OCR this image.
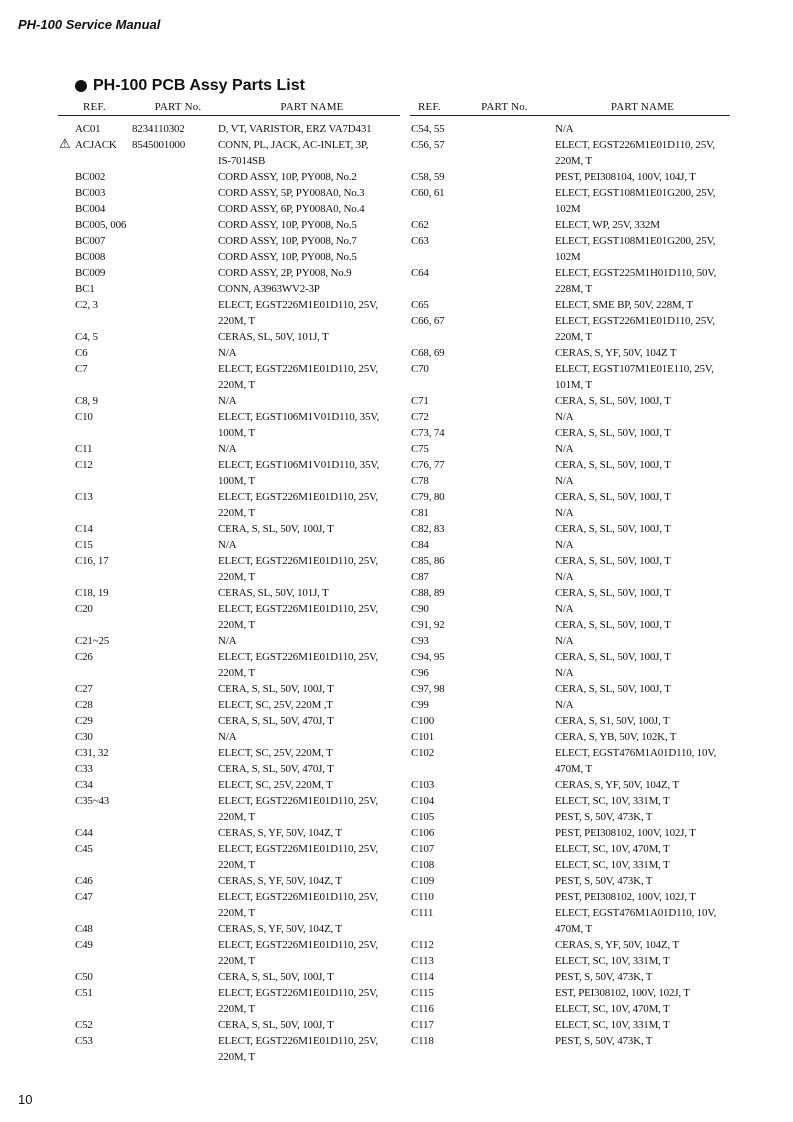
PH-100 Service Manual
PH-100 PCB Assy Parts List
REF.	PART No.	PART NAME
AC01	8234110302	D, VT, VARISTOR, ERZ VA7D431
⚠ ACJACK	8545001000	CONN, PL, JACK, AC-INLET, 3P,
IS-7014SB
BC002	CORD ASSY, 10P, PY008, No.2
BC003	CORD ASSY, 5P, PY008A0, No.3
BC004	CORD ASSY, 6P, PY008A0, No.4
BC005, 006	CORD ASSY, 10P, PY008, No.5
BC007	CORD ASSY, 10P, PY008, No.7
BC008	CORD ASSY, 10P, PY008, No.5
BC009	CORD ASSY, 2P, PY008, No.9
BC1	CONN, A3963WV2-3P
C2, 3	ELECT, EGST226M1E01D110, 25V,
220M, T
C4, 5	CERAS, SL, 50V, 101J, T
C6	N/A
C7	ELECT, EGST226M1E01D110, 25V,
220M, T
C8, 9	N/A
C10	ELECT, EGST106M1V01D110, 35V,
100M, T
C11	N/A
C12	ELECT, EGST106M1V01D110, 35V,
100M, T
C13	ELECT, EGST226M1E01D110, 25V,
220M, T
C14	CERA, S, SL, 50V, 100J, T
C15	N/A
C16, 17	ELECT, EGST226M1E01D110, 25V,
220M, T
C18, 19	CERAS, SL, 50V, 101J, T
C20	ELECT, EGST226M1E01D110, 25V,
220M, T
C21~25	N/A
C26	ELECT, EGST226M1E01D110, 25V,
220M, T
C27	CERA, S, SL, 50V, 100J, T
C28	ELECT, SC, 25V, 220M ,T
C29	CERA, S, SL, 50V, 470J, T
C30	N/A
C31, 32	ELECT, SC, 25V, 220M, T
C33	CERA, S, SL, 50V, 470J, T
C34	ELECT, SC, 25V, 220M, T
C35~43	ELECT, EGST226M1E01D110, 25V,
220M, T
C44	CERAS, S, YF, 50V, 104Z, T
C45	ELECT, EGST226M1E01D110, 25V,
220M, T
C46	CERAS, S, YF, 50V, 104Z, T
C47	ELECT, EGST226M1E01D110, 25V,
220M, T
C48	CERAS, S, YF, 50V, 104Z, T
C49	ELECT, EGST226M1E01D110, 25V,
220M, T
C50	CERA, S, SL, 50V, 100J, T
C51	ELECT, EGST226M1E01D110, 25V,
220M, T
C52	CERA, S, SL, 50V, 100J, T
C53	ELECT, EGST226M1E01D110, 25V,
220M, T
REF.	PART No.	PART NAME
C54, 55	N/A
C56, 57	ELECT, EGST226M1E01D110, 25V,
220M, T
C58, 59	PEST, PEI308104, 100V, 104J, T
C60, 61	ELECT, EGST108M1E01G200, 25V,
102M
C62	ELECT, WP, 25V, 332M
C63	ELECT, EGST108M1E01G200, 25V,
102M
C64	ELECT, EGST225M1H01D110, 50V,
228M, T
C65	ELECT, SME BP, 50V, 228M, T
C66, 67	ELECT, EGST226M1E01D110, 25V,
220M, T
C68, 69	CERAS, S, YF, 50V, 104Z T
C70	ELECT, EGST107M1E01E110, 25V,
101M, T
C71	CERA, S, SL, 50V, 100J, T
C72	N/A
C73, 74	CERA, S, SL, 50V, 100J, T
C75	N/A
C76, 77	CERA, S, SL, 50V, 100J, T
C78	N/A
C79, 80	CERA, S, SL, 50V, 100J, T
C81	N/A
C82, 83	CERA, S, SL, 50V, 100J, T
C84	N/A
C85, 86	CERA, S, SL, 50V, 100J, T
C87	N/A
C88, 89	CERA, S, SL, 50V, 100J, T
C90	N/A
C91, 92	CERA, S, SL, 50V, 100J, T
C93	N/A
C94, 95	CERA, S, SL, 50V, 100J, T
C96	N/A
C97, 98	CERA, S, SL, 50V, 100J, T
C99	N/A
C100	CERA, S, S1, 50V, 100J, T
C101	CERA, S, YB, 50V, 102K, T
C102	ELECT, EGST476M1A01D110, 10V,
470M, T
C103	CERAS, S, YF, 50V, 104Z, T
C104	ELECT, SC, 10V, 331M, T
C105	PEST, S, 50V, 473K, T
C106	PEST, PEI308102, 100V, 102J, T
C107	ELECT, SC, 10V, 470M, T
C108	ELECT, SC, 10V, 331M, T
C109	PEST, S, 50V, 473K, T
C110	PEST, PEI308102, 100V, 102J, T
C111	ELECT, EGST476M1A01D110, 10V,
470M, T
C112	CERAS, S, YF, 50V, 104Z, T
C113	ELECT, SC, 10V, 331M, T
C114	PEST, S, 50V, 473K, T
C115	EST, PEI308102, 100V, 102J, T
C116	ELECT, SC, 10V, 470M, T
C117	ELECT, SC, 10V, 331M, T
C118	PEST, S, 50V, 473K, T
10
